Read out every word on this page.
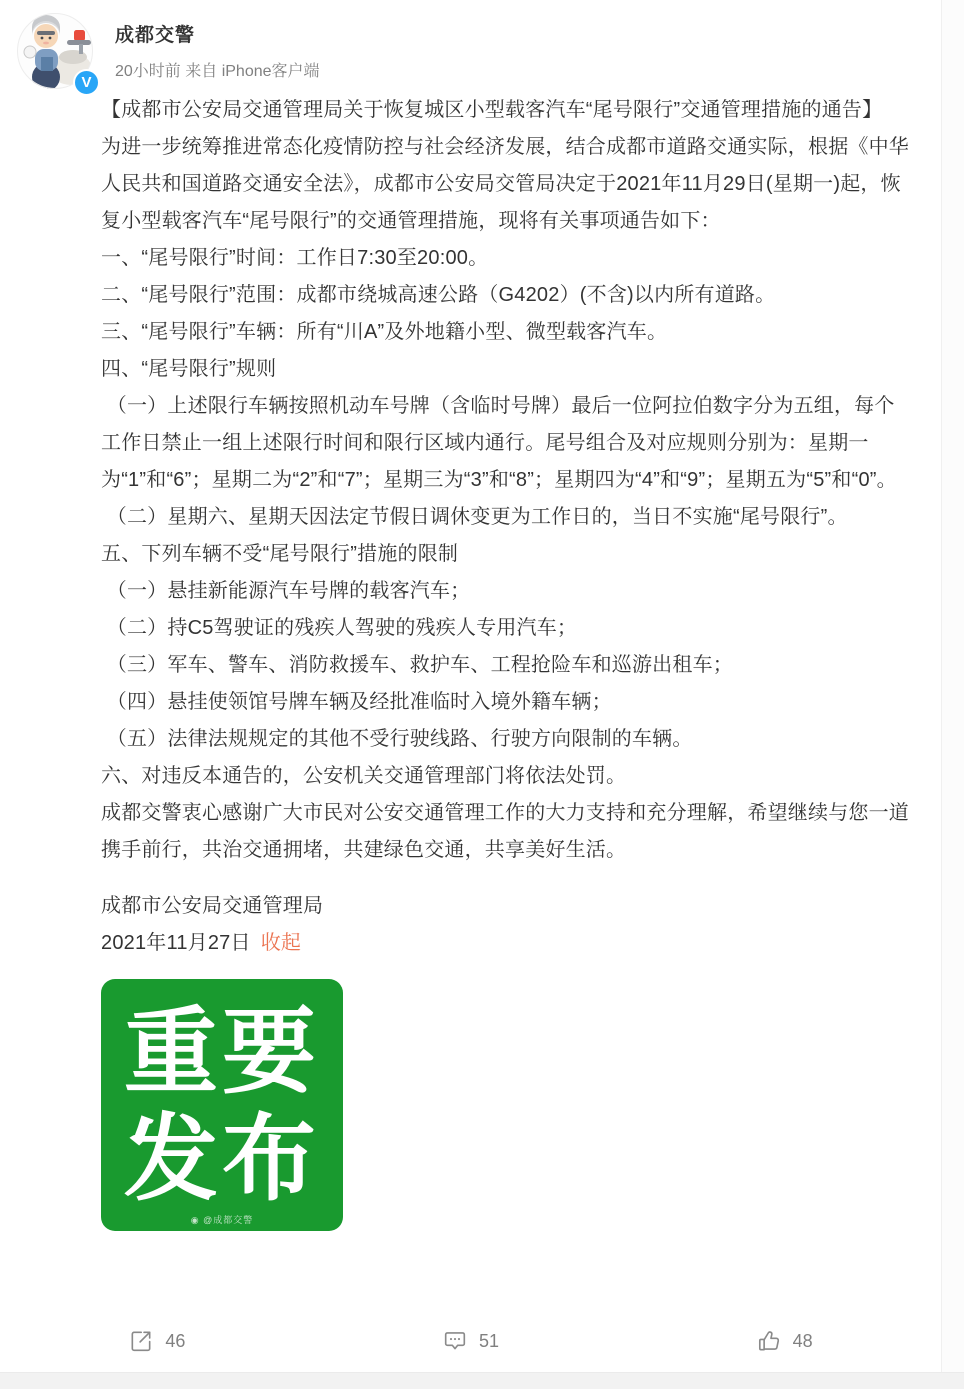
V
成都交警
20小时前 来自 iPhone客户端

【成都市公安局交通管理局关于恢复城区小型载客汽车“尾号限行”交通管理措施的通告】

为进一步统筹推进常态化疫情防控与社会经济发展，结合成都市道路交通实际，根据《中华人民共和国道路交通安全法》，成都市公安局交管局决定于2021年11月29日(星期一)起，恢复小型载客汽车“尾号限行”的交通管理措施，现将有关事项通告如下：

一、“尾号限行”时间：工作日7:30至20:00。

二、“尾号限行”范围：成都市绕城高速公路（G4202）(不含)以内所有道路。

三、“尾号限行”车辆：所有“川A”及外地籍小型、微型载客汽车。

四、“尾号限行”规则

（一）上述限行车辆按照机动车号牌（含临时号牌）最后一位阿拉伯数字分为五组，每个工作日禁止一组上述限行时间和限行区域内通行。尾号组合及对应规则分别为：星期一为“1”和“6”；星期二为“2”和“7”；星期三为“3”和“8”；星期四为“4”和“9”；星期五为“5”和“0”。

（二）星期六、星期天因法定节假日调休变更为工作日的，当日不实施“尾号限行”。

五、下列车辆不受“尾号限行”措施的限制

（一）悬挂新能源汽车号牌的载客汽车；

（二）持C5驾驶证的残疾人驾驶的残疾人专用汽车；

（三）军车、警车、消防救援车、救护车、工程抢险车和巡游出租车；

（四）悬挂使领馆号牌车辆及经批准临时入境外籍车辆；

（五）法律法规规定的其他不受行驶线路、行驶方向限制的车辆。

六、对违反本通告的，公安机关交通管理部门将依法处罚。

成都交警衷心感谢广大市民对公安交通管理工作的大力支持和充分理解，希望继续与您一道携手前行，共治交通拥堵，共建绿色交通，共享美好生活。

成都市公安局交通管理局

2021年11月27日 收起

重要
发布
◉ @成都交警
46	51	48
